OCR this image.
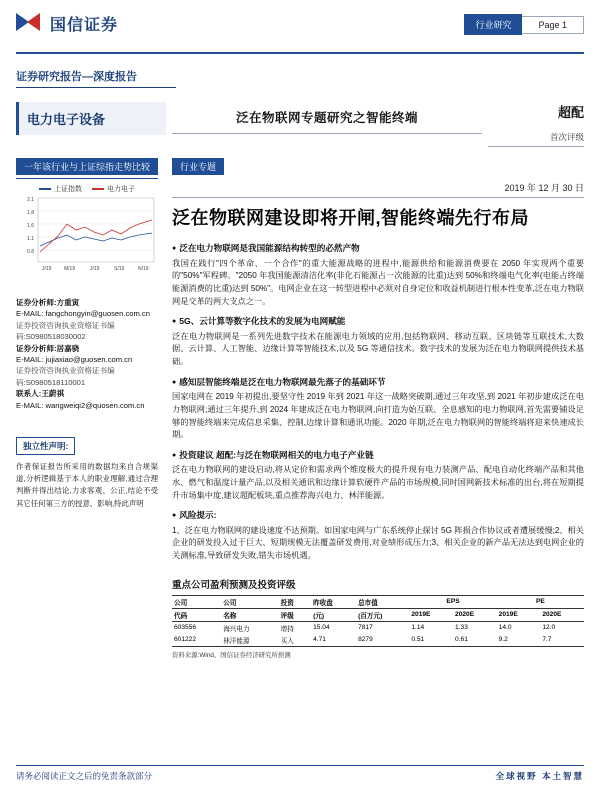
国信证券	行业研究	Page 1
证券研究报告—深度报告
电力电子设备	泛在物联网专题研究之智能终端	超配
首次评级
一年该行业与上证综指走势比较
上证指数	电力电子
2.1
1.8
1.6
1.1
0.8
J/19	M/19	J/19	S/19	N/19
证券分析师:方重寅
E-MAIL: fangchongyin@guosen.com.cn
证券投资咨询执业资格证书编码:S0980518030002
证券分析师:居嘉骁
E-MAIL: jujiaxiao@guosen.com.cn
证券投资咨询执业资格证书编码:S0980518110001
联系人:王蔚祺
E-MAIL: wangweiqi2@quosen.com.cn
独立性声明:
作者保证报告所采用的数据均来自合规渠道,分析逻辑基于本人的职业理解,通过合理判断并得出结论,力求客观、公正,结论不受其它任何第三方的授意、影响,特此声明
行业专题
2019 年 12 月 30 日
泛在物联网建设即将开闸,智能终端先行布局
● 泛在电力物联网是我国能源结构转型的必然产物
我国在践行"四个革命、一个合作"的重大能源战略的进程中,能源供给和能源消费要在 2050 年实现两个重要的"50%"军程碑。"2050 年我国能源清洁化率(非化石能源占一次能源的比重)达到 50%和终端电气化率(电能占终端能源消费的比重)达到 50%"。电网企业在这一转型进程中必须对自身定位和收益机制进行根本性变革,泛在电力物联网是交革的两大支点之一。
● 5G、云计算等数字化技术的发展为电网赋能
泛在电力物联网是一系列先进数字技术在能源电力领域的应用,包括物联网、移动互联、区块链等互联技术,大数据、云计算、人工智能、边缘计算等智能技术,以及 5G 等通信技术。数字技术的发展为泛在电力物联网提供技术基础。
● 感知层智能终端是泛在电力物联网最先落子的基础环节
国家电网在 2019 年初提出,要坚守性 2019 年到 2021 年这一战略突破期,通过三年攻坚,到 2021 年初步建成泛在电力物联网;通过三年提升,到 2024 年建成泛在电力物联网,向打造为始互联、全息感知的电力物联网,首先需要铺设足够的智能终端来完成信息采集、控制,边缘计算和通讯功能。2020 年期,泛在电力物联网的智能终端将迎来快速成长期。
● 投资建议 超配:与泛在物联网相关的电力电子产业链
泛在电力物联网的建设启动,将从定价和需求两个维度极大的提升现有电力装测产品、配电自动化终端产品和其他水、燃气和温度计量产品,以及相关通讯和边缘计算软硬件产品的市场规模,同时国网新技术标准的出台,将在短期提升市场集中度,建议超配板块,重点推荐海兴电力、林洋能源。
● 风险提示:
1、泛在电力物联网的建设速度不达预期。如国家电网与广东系统停止探讨 5G 阵损合作协议或者遭展缓慢;2、相关企业的研发投入过于巨大、短期规模无法覆盖研发费用,对业绩形成压力;3、相关企业的新产品无法达到电网企业的关测标准,导致研发失败,错失市场机遇。
重点公司盈利预测及投资评级
公司	公司	投资	昨收盘	总市值	EPS		PE	
代码	名称	评级	(元)	(百万元)	2019E	2020E	2019E	2020E
603556	海兴电力	增持	15.04	7817	1.14	1.33	14.0	12.0
601222	林洋能源	买入	4.71	8279	0.51	0.61	9.2	7.7
资料来源:Wind、国信证券经济研究所预测
请务必阅读正文之后的免责条款部分	全球视野 本土智慧
